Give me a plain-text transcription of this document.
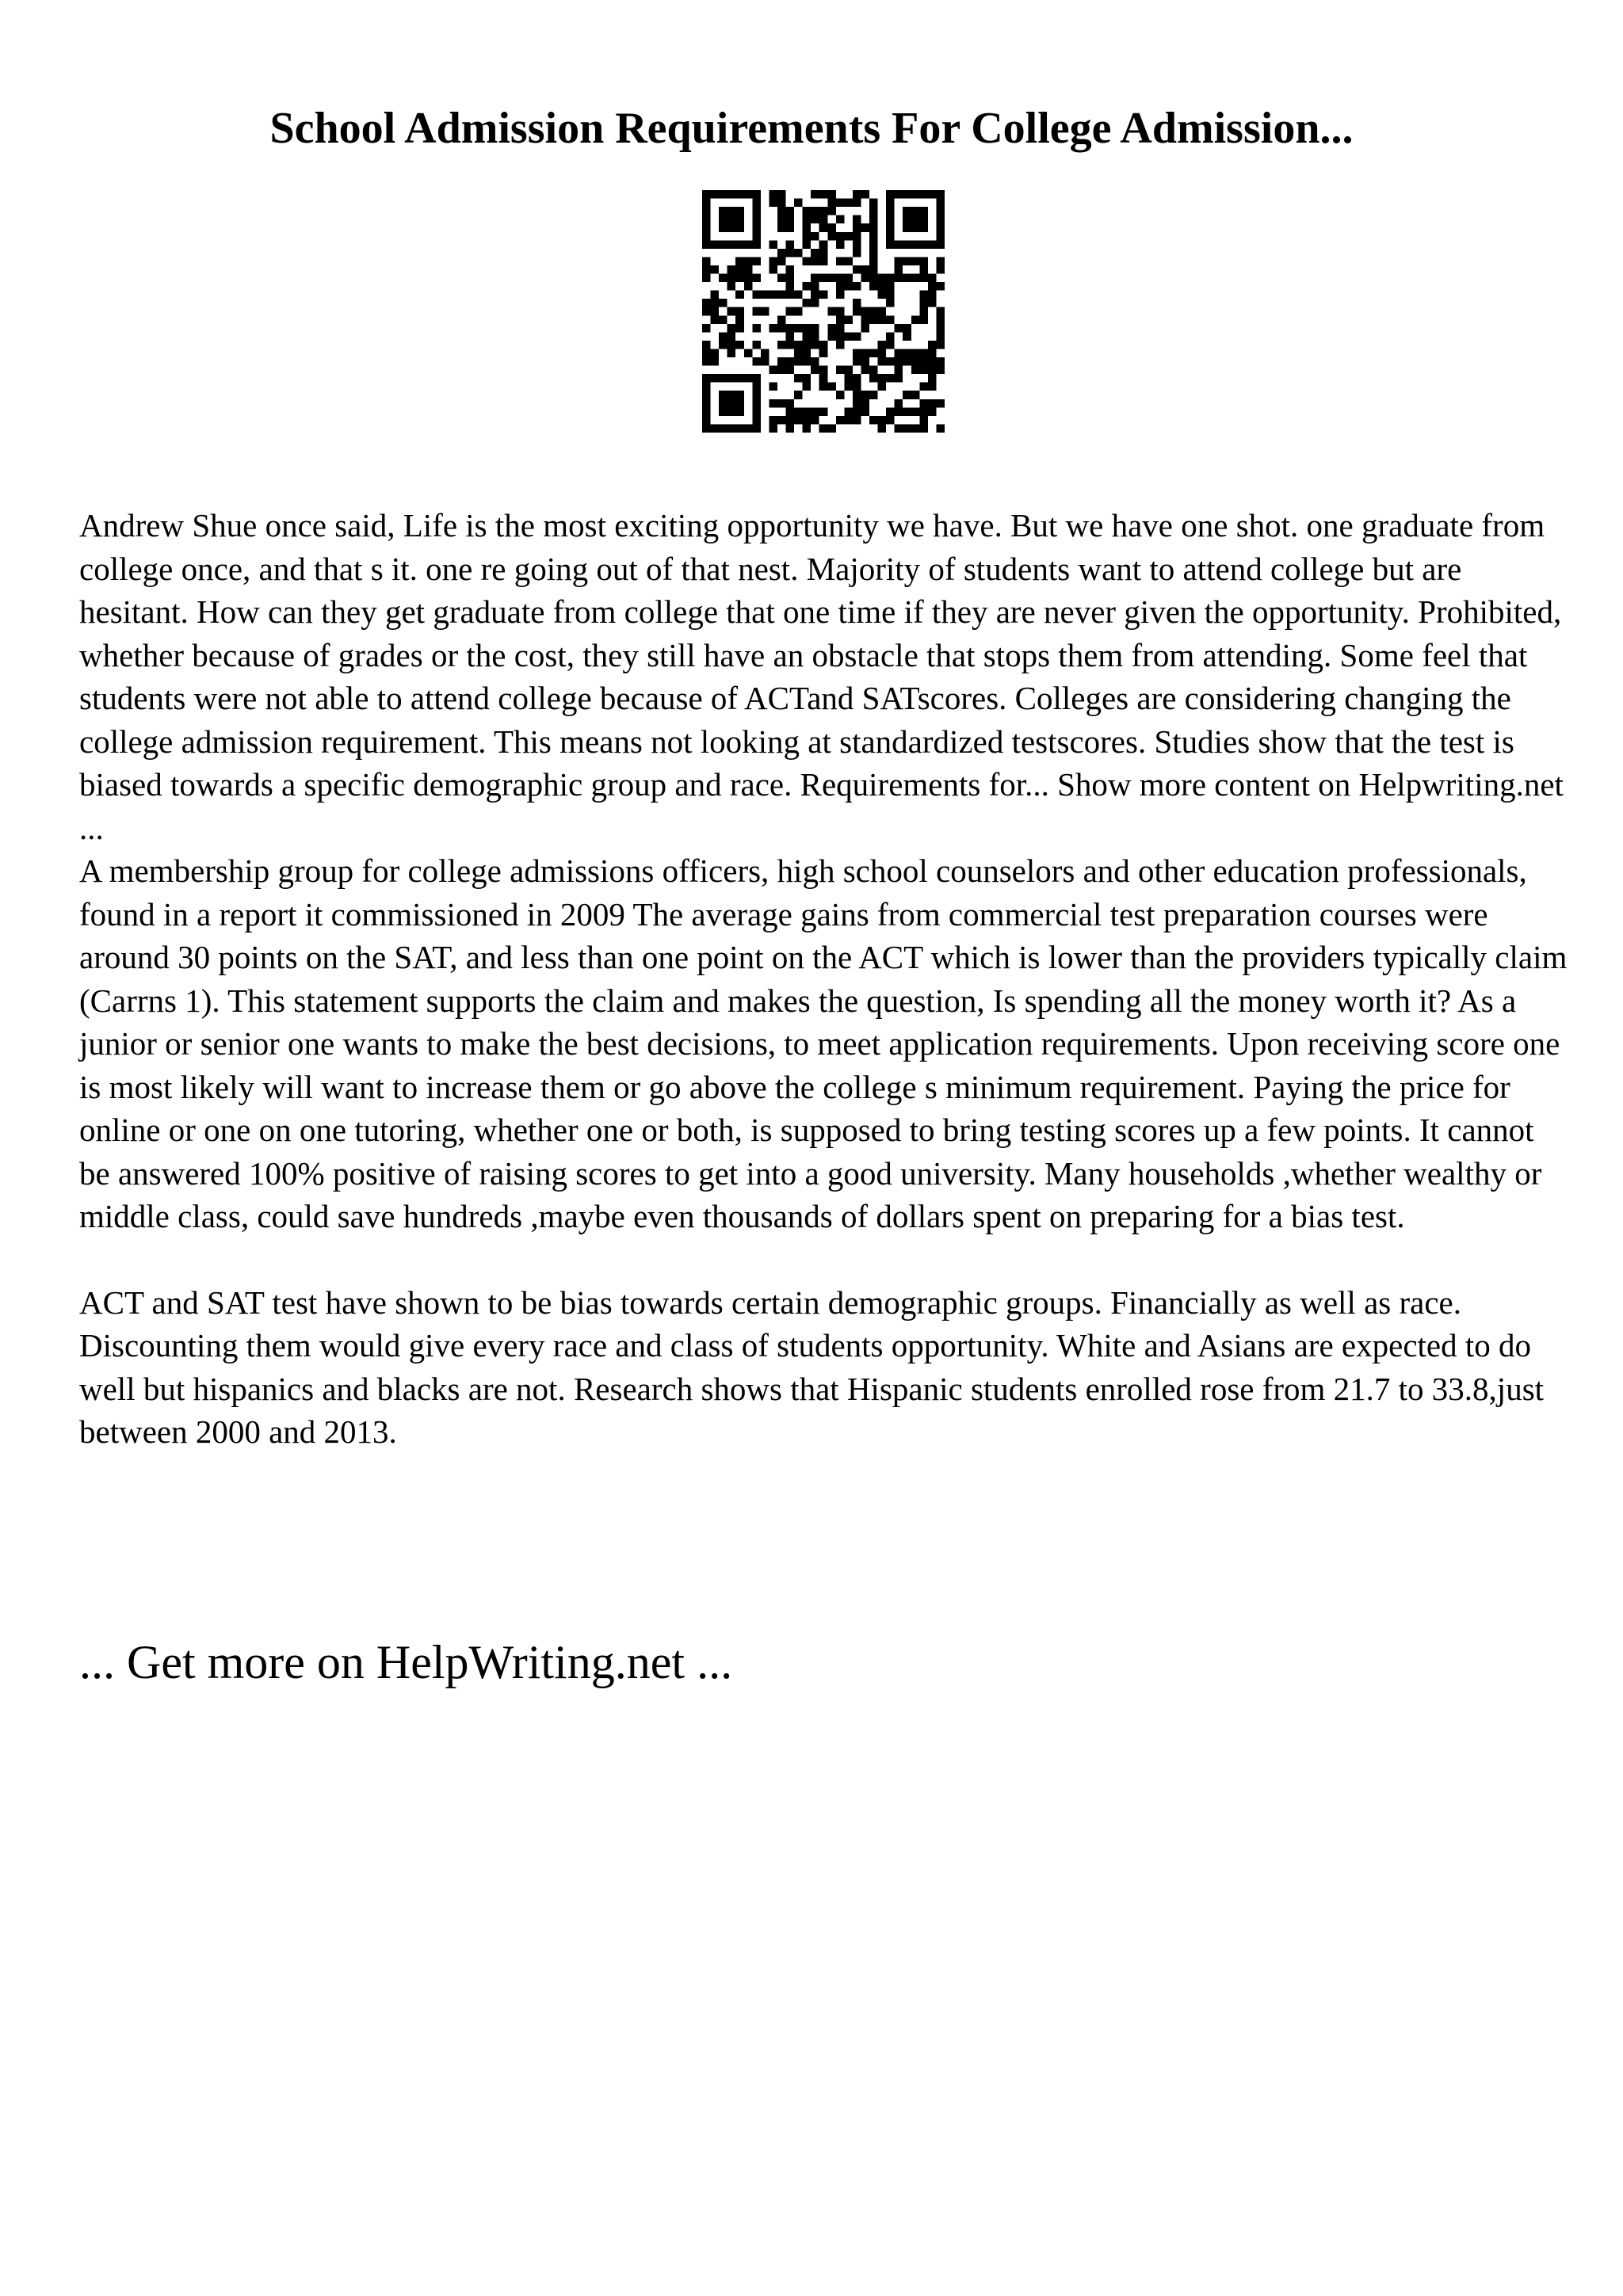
School Admission Requirements For College Admission...

Andrew Shue once said, Life is the most exciting opportunity we have. But we have one shot. one graduate from college once, and that s it. one re going out of that nest. Majority of students want to attend college but are hesitant. How can they get graduate from college that one time if they are never given the opportunity. Prohibited, whether because of grades or the cost, they still have an obstacle that stops them from attending. Some feel that students were not able to attend college because of ACTand SATscores. Colleges are considering changing the college admission requirement. This means not looking at standardized testscores. Studies show that the test is biased towards a specific demographic group and race. Requirements for... Show more content on Helpwriting.net ...

A membership group for college admissions officers, high school counselors and other education professionals, found in a report it commissioned in 2009 The average gains from commercial test preparation courses were around 30 points on the SAT, and less than one point on the ACT which is lower than the providers typically claim (Carrns 1). This statement supports the claim and makes the question, Is spending all the money worth it? As a junior or senior one wants to make the best decisions, to meet application requirements. Upon receiving score one is most likely will want to increase them or go above the college s minimum requirement. Paying the price for online or one on one tutoring, whether one or both, is supposed to bring testing scores up a few points. It cannot be answered 100% positive of raising scores to get into a good university. Many households ,whether wealthy or middle class, could save hundreds ,maybe even thousands of dollars spent on preparing for a bias test.

ACT and SAT test have shown to be bias towards certain demographic groups. Financially as well as race. Discounting them would give every race and class of students opportunity. White and Asians are expected to do well but hispanics and blacks are not. Research shows that Hispanic students enrolled rose from 21.7 to 33.8,just between 2000 and 2013.

... Get more on HelpWriting.net ...
